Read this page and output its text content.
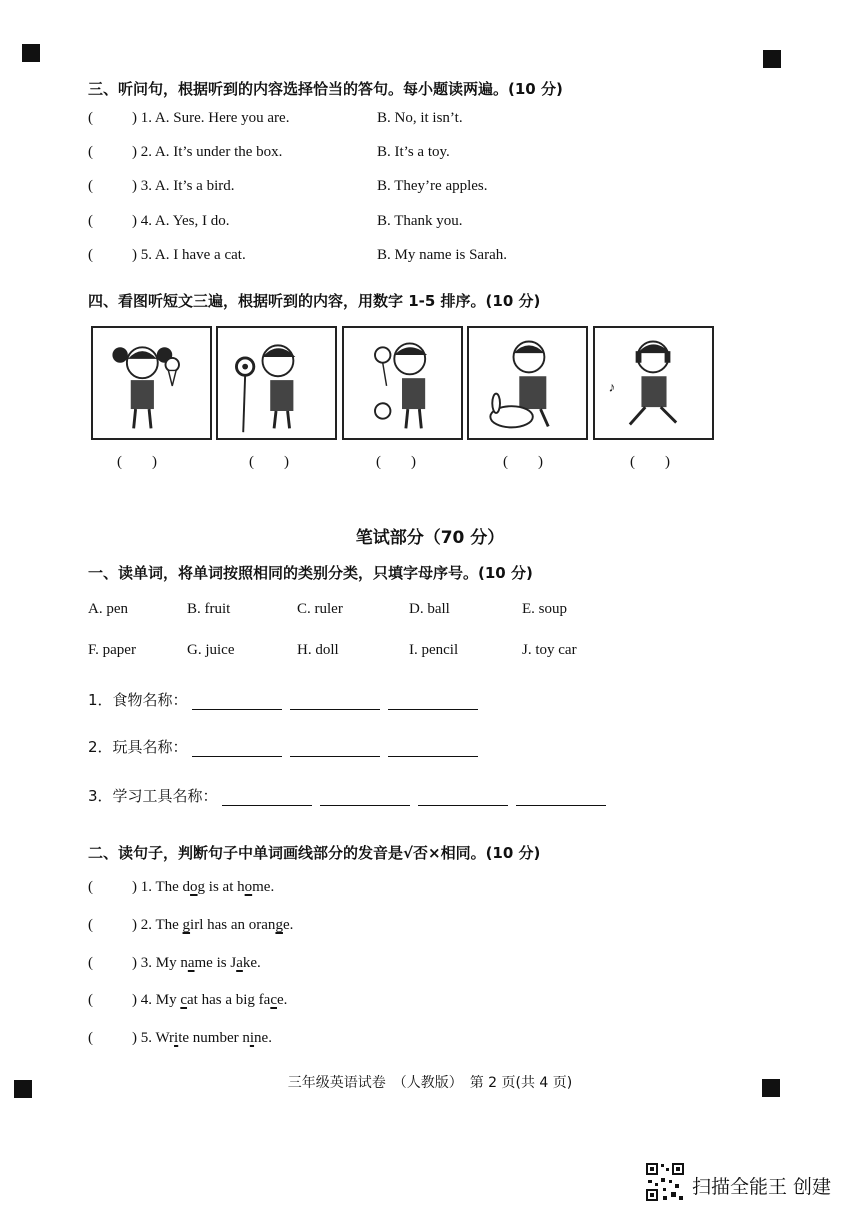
三、听问句，根据听到的内容选择恰当的答句。每小题读两遍。(10 分)
(	) 1. A. Sure. Here you are.	B. No, it isn’t.
(	) 2. A. It’s under the box.	B. It’s a toy.
(	) 3. A. It’s a bird.	B. They’re apples.
(	) 4. A. Yes, I do.	B. Thank you.
(	) 5. A. I have a cat.	B. My name is Sarah.
四、看图听短文三遍，根据听到的内容，用数字 1-5 排序。(10 分)
♪
(　　)	(　　)	(　　)	(　　)	(　　)
笔试部分（70 分）
一、读单词，将单词按照相同的类别分类，只填字母序号。(10 分)
A. pen	B. fruit	C. ruler	D. ball	E. soup
F. paper	G. juice	H. doll	I. pencil	J. toy car
1．食物名称：
2．玩具名称：
3．学习工具名称：
二、读句子，判断句子中单词画线部分的发音是√否×相同。(10 分)
(	) 1. The dog is at home.
(	) 2. The girl has an orange.
(	) 3. My name is Jake.
(	) 4. My cat has a big face.
(	) 5. Write number nine.
三年级英语试卷　（人教版）　第 2 页(共 4 页)
扫描全能王 创建
